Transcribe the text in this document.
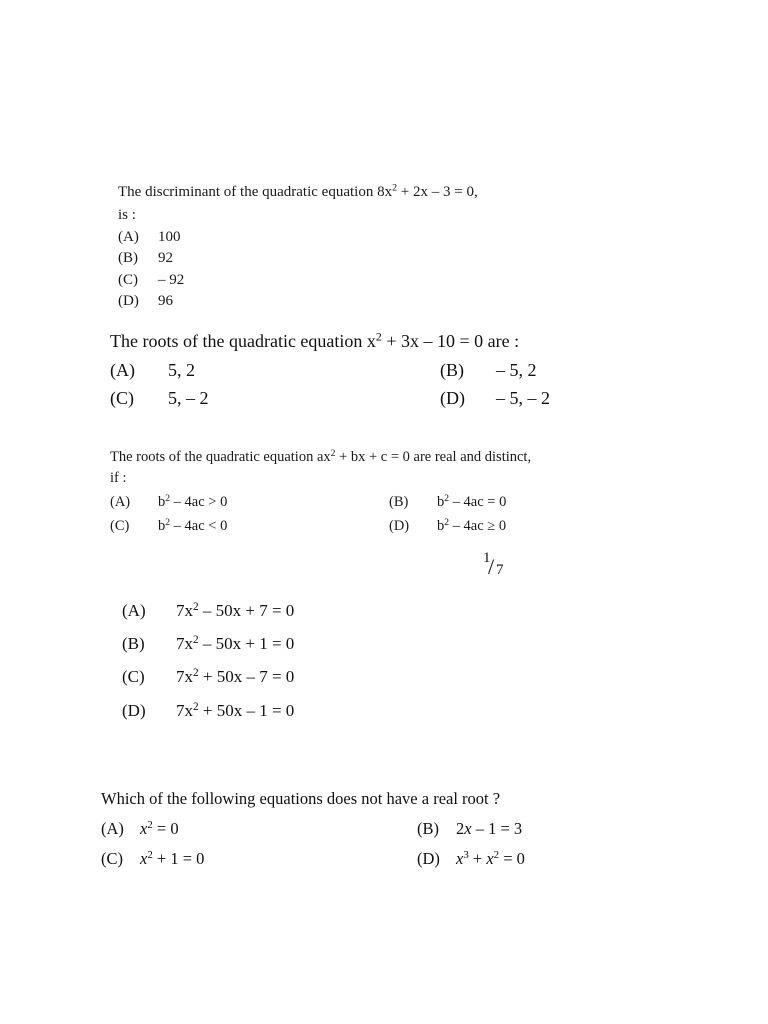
The discriminant of the quadratic equation $8x^2 + 2x - 3 = 0$,
is :
(A) 100
(B) 92
(C) – 92
(D) 96
The roots of the quadratic equation $x^2 + 3x - 10 = 0$ are :
(A) 5, 2	(B) – 5, 2
(C) 5, – 2	(D) – 5, – 2
The roots of the quadratic equation $ax^2$ + bx + c = 0 are real and distinct,
if :
(A) $b^2 - 4ac > 0$	(B) $b^2 - 4ac = 0$
(C) $b^2 - 4ac < 0$	(D) $b^2 - 4ac \ge 0$
1
/ 7
(A) $7x^2 - 50x + 7 = 0$
(B) $7x^2 - 50x + 1 = 0$
(C) $7x^2 + 50x - 7 = 0$
(D) $7x^2 + 50x - 1 = 0$
Which of the following equations does not have a real root ?
(A) $x^2 = 0$	(B) 2x – 1 = 3
(C) $x^2 + 1 = 0$	(D) $x^3 + x^2 = 0$
